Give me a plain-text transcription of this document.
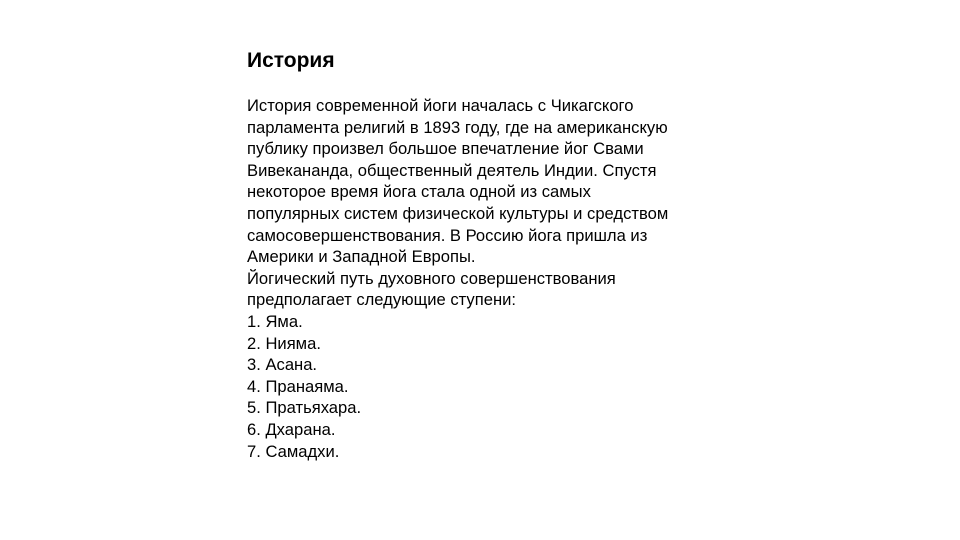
История
История современной йоги началась с Чикагского
парламента религий в 1893 году, где на американскую
публику произвел большое впечатление йог Свами
Вивекананда, общественный деятель Индии. Спустя
некоторое время йога стала одной из самых
популярных систем физической культуры и средством
самосовершенствования. В Россию йога пришла из
Америки и Западной Европы.
Йогический путь духовного совершенствования
предполагает следующие ступени:
1. Яма.
2. Нияма.
3. Асана.
4. Пранаяма.
5. Пратьяхара.
6. Дхарана.
7. Самадхи.
